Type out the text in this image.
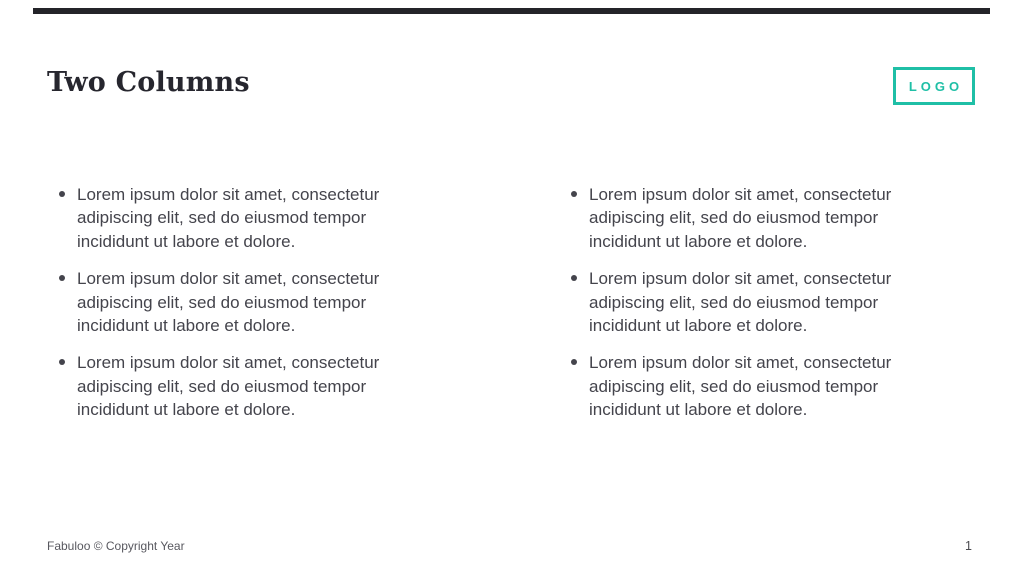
Two Columns	LOGO
Lorem ipsum dolor sit amet, consectetur adipiscing elit, sed do eiusmod tempor incididunt ut labore et dolore.
Lorem ipsum dolor sit amet, consectetur adipiscing elit, sed do eiusmod tempor incididunt ut labore et dolore.
Lorem ipsum dolor sit amet, consectetur adipiscing elit, sed do eiusmod tempor incididunt ut labore et dolore.
Lorem ipsum dolor sit amet, consectetur adipiscing elit, sed do eiusmod tempor incididunt ut labore et dolore.
Lorem ipsum dolor sit amet, consectetur adipiscing elit, sed do eiusmod tempor incididunt ut labore et dolore.
Lorem ipsum dolor sit amet, consectetur adipiscing elit, sed do eiusmod tempor incididunt ut labore et dolore.
Fabuloo © Copyright Year	1
